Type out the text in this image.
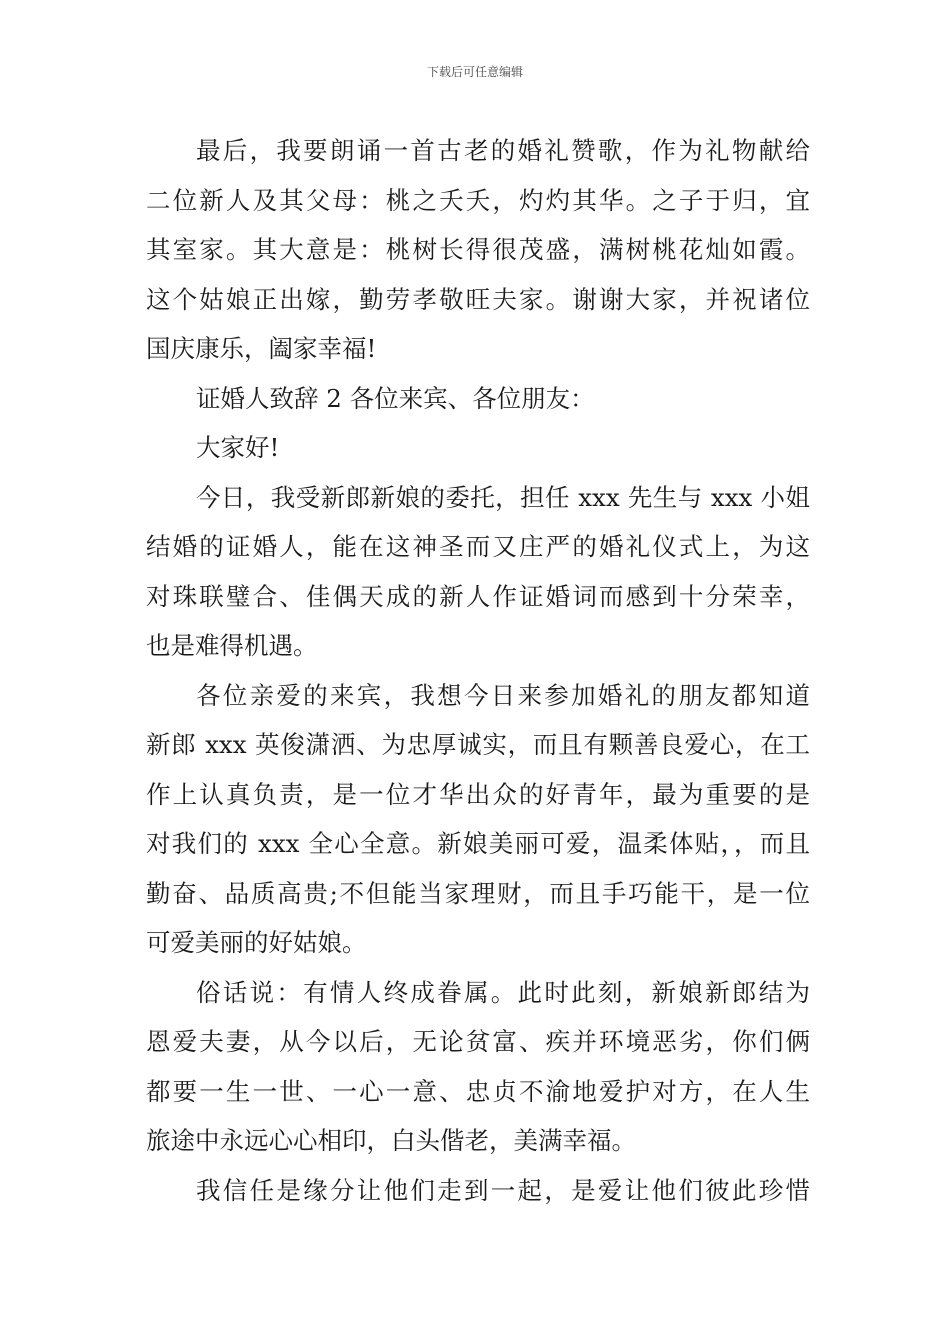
下载后可任意编辑
最后，我要朗诵一首古老的婚礼赞歌，作为礼物献给
二位新人及其父母：桃之夭夭，灼灼其华。之子于归，宜
其室家。其大意是：桃树长得很茂盛，满树桃花灿如霞。
这个姑娘正出嫁，勤劳孝敬旺夫家。谢谢大家，并祝诸位
国庆康乐，阖家幸福!
证婚人致辞 2 各位来宾、各位朋友：
大家好!
今日，我受新郎新娘的委托，担任 xxx 先生与 xxx 小姐
结婚的证婚人，能在这神圣而又庄严的婚礼仪式上，为这
对珠联璧合、佳偶天成的新人作证婚词而感到十分荣幸，
也是难得机遇。
各位亲爱的来宾，我想今日来参加婚礼的朋友都知道
新郎 xxx 英俊潇洒、为忠厚诚实，而且有颗善良爱心，在工
作上认真负责，是一位才华出众的好青年，最为重要的是
对我们的 xxx 全心全意。新娘美丽可爱，温柔体贴，，而且
勤奋、品质高贵;不但能当家理财，而且手巧能干，是一位
可爱美丽的好姑娘。
俗话说：有情人终成眷属。此时此刻，新娘新郎结为
恩爱夫妻，从今以后，无论贫富、疾并环境恶劣，你们俩
都要一生一世、一心一意、忠贞不渝地爱护对方，在人生
旅途中永远心心相印，白头偕老，美满幸福。
我信任是缘分让他们走到一起，是爱让他们彼此珍惜
